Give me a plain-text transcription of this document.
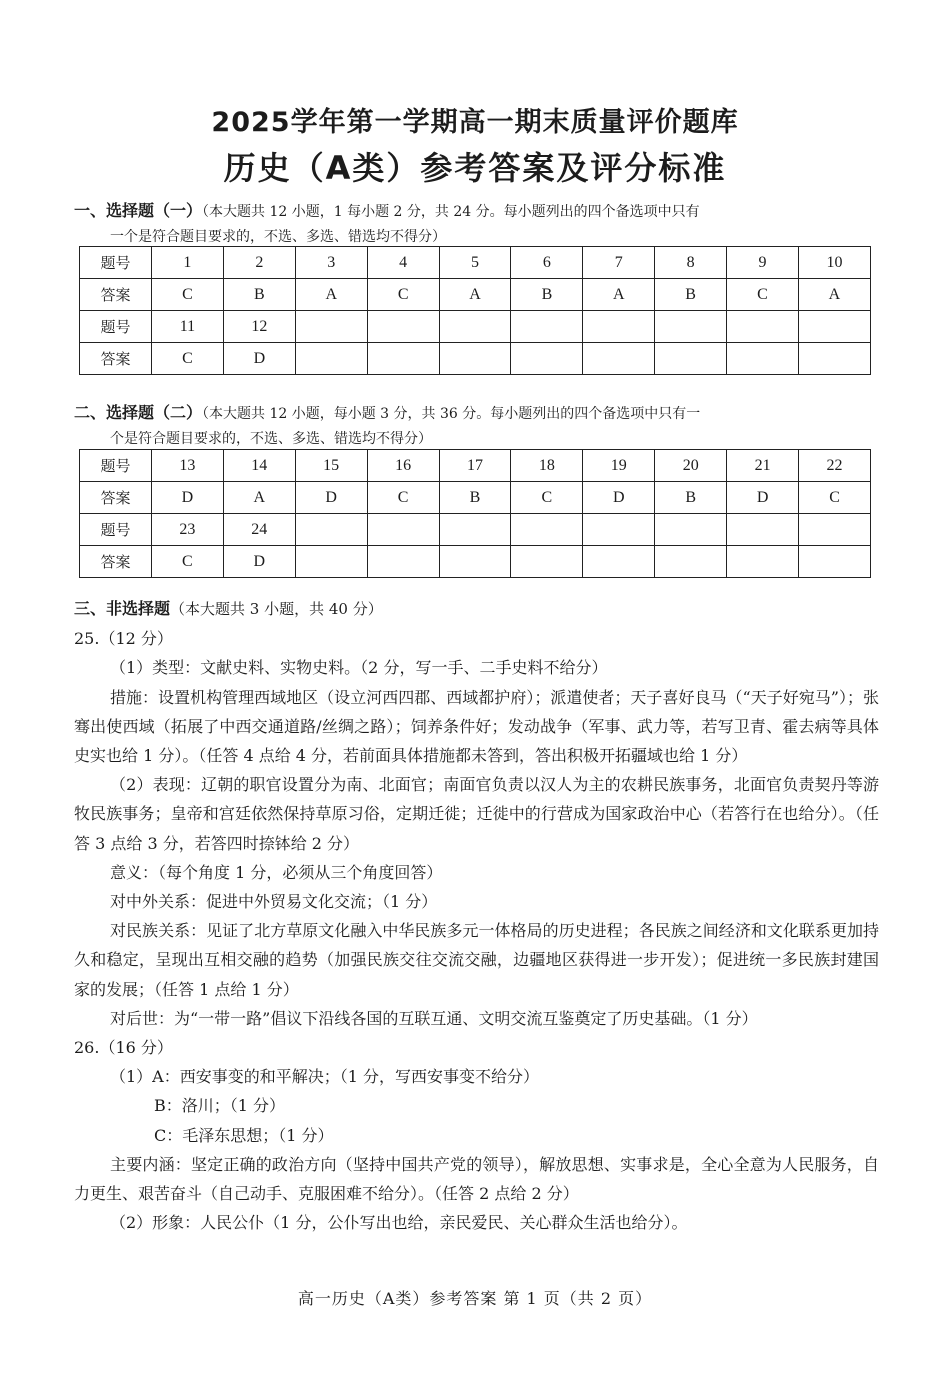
2025学年第一学期高一期末质量评价题库
历史（A类）参考答案及评分标准
一、选择题（一）（本大题共 12 小题，1 每小题 2 分，共 24 分。每小题列出的四个备选项中只有
一个是符合题目要求的，不选、多选、错选均不得分）
题号	1	2	3	4	5	6	7	8	9	10
答案	C	B	A	C	A	B	A	B	C	A
题号	11	12								
答案	C	D								
二、选择题（二）（本大题共 12 小题，每小题 3 分，共 36 分。每小题列出的四个备选项中只有一
个是符合题目要求的，不选、多选、错选均不得分）
题号	13	14	15	16	17	18	19	20	21	22
答案	D	A	D	C	B	C	D	B	D	C
题号	23	24								
答案	C	D								

三、非选择题（本大题共 3 小题，共 40 分）

25.（12 分）

（1）类型：文献史料、实物史料。（2 分，写一手、二手史料不给分）

措施：设置机构管理西域地区（设立河西四郡、西域都护府）；派遣使者；天子喜好良马（“天子好宛马”）；张骞出使西域（拓展了中西交通道路/丝绸之路）；饲养条件好；发动战争（军事、武力等，若写卫青、霍去病等具体史实也给 1 分）。（任答 4 点给 4 分，若前面具体措施都未答到，答出积极开拓疆域也给 1 分）

（2）表现：辽朝的职官设置分为南、北面官；南面官负责以汉人为主的农耕民族事务，北面官负责契丹等游牧民族事务；皇帝和宫廷依然保持草原习俗，定期迁徙；迁徙中的行营成为国家政治中心（若答行在也给分）。（任答 3 点给 3 分，若答四时捺钵给 2 分）

意义：（每个角度 1 分，必须从三个角度回答）

对中外关系：促进中外贸易文化交流；（1 分）

对民族关系：见证了北方草原文化融入中华民族多元一体格局的历史进程；各民族之间经济和文化联系更加持久和稳定，呈现出互相交融的趋势（加强民族交往交流交融，边疆地区获得进一步开发）；促进统一多民族封建国家的发展；（任答 1 点给 1 分）

对后世：为“一带一路”倡议下沿线各国的互联互通、文明交流互鉴奠定了历史基础。（1 分）

26.（16 分）

（1）A：西安事变的和平解决；（1 分，写西安事变不给分）

B：洛川；（1 分）

C：毛泽东思想；（1 分）

主要内涵：坚定正确的政治方向（坚持中国共产党的领导），解放思想、实事求是，全心全意为人民服务，自力更生、艰苦奋斗（自己动手、克服困难不给分）。（任答 2 点给 2 分）

（2）形象：人民公仆（1 分，公仆写出也给，亲民爱民、关心群众生活也给分）。

高一历史（A类）参考答案 第 1 页（共 2 页）
